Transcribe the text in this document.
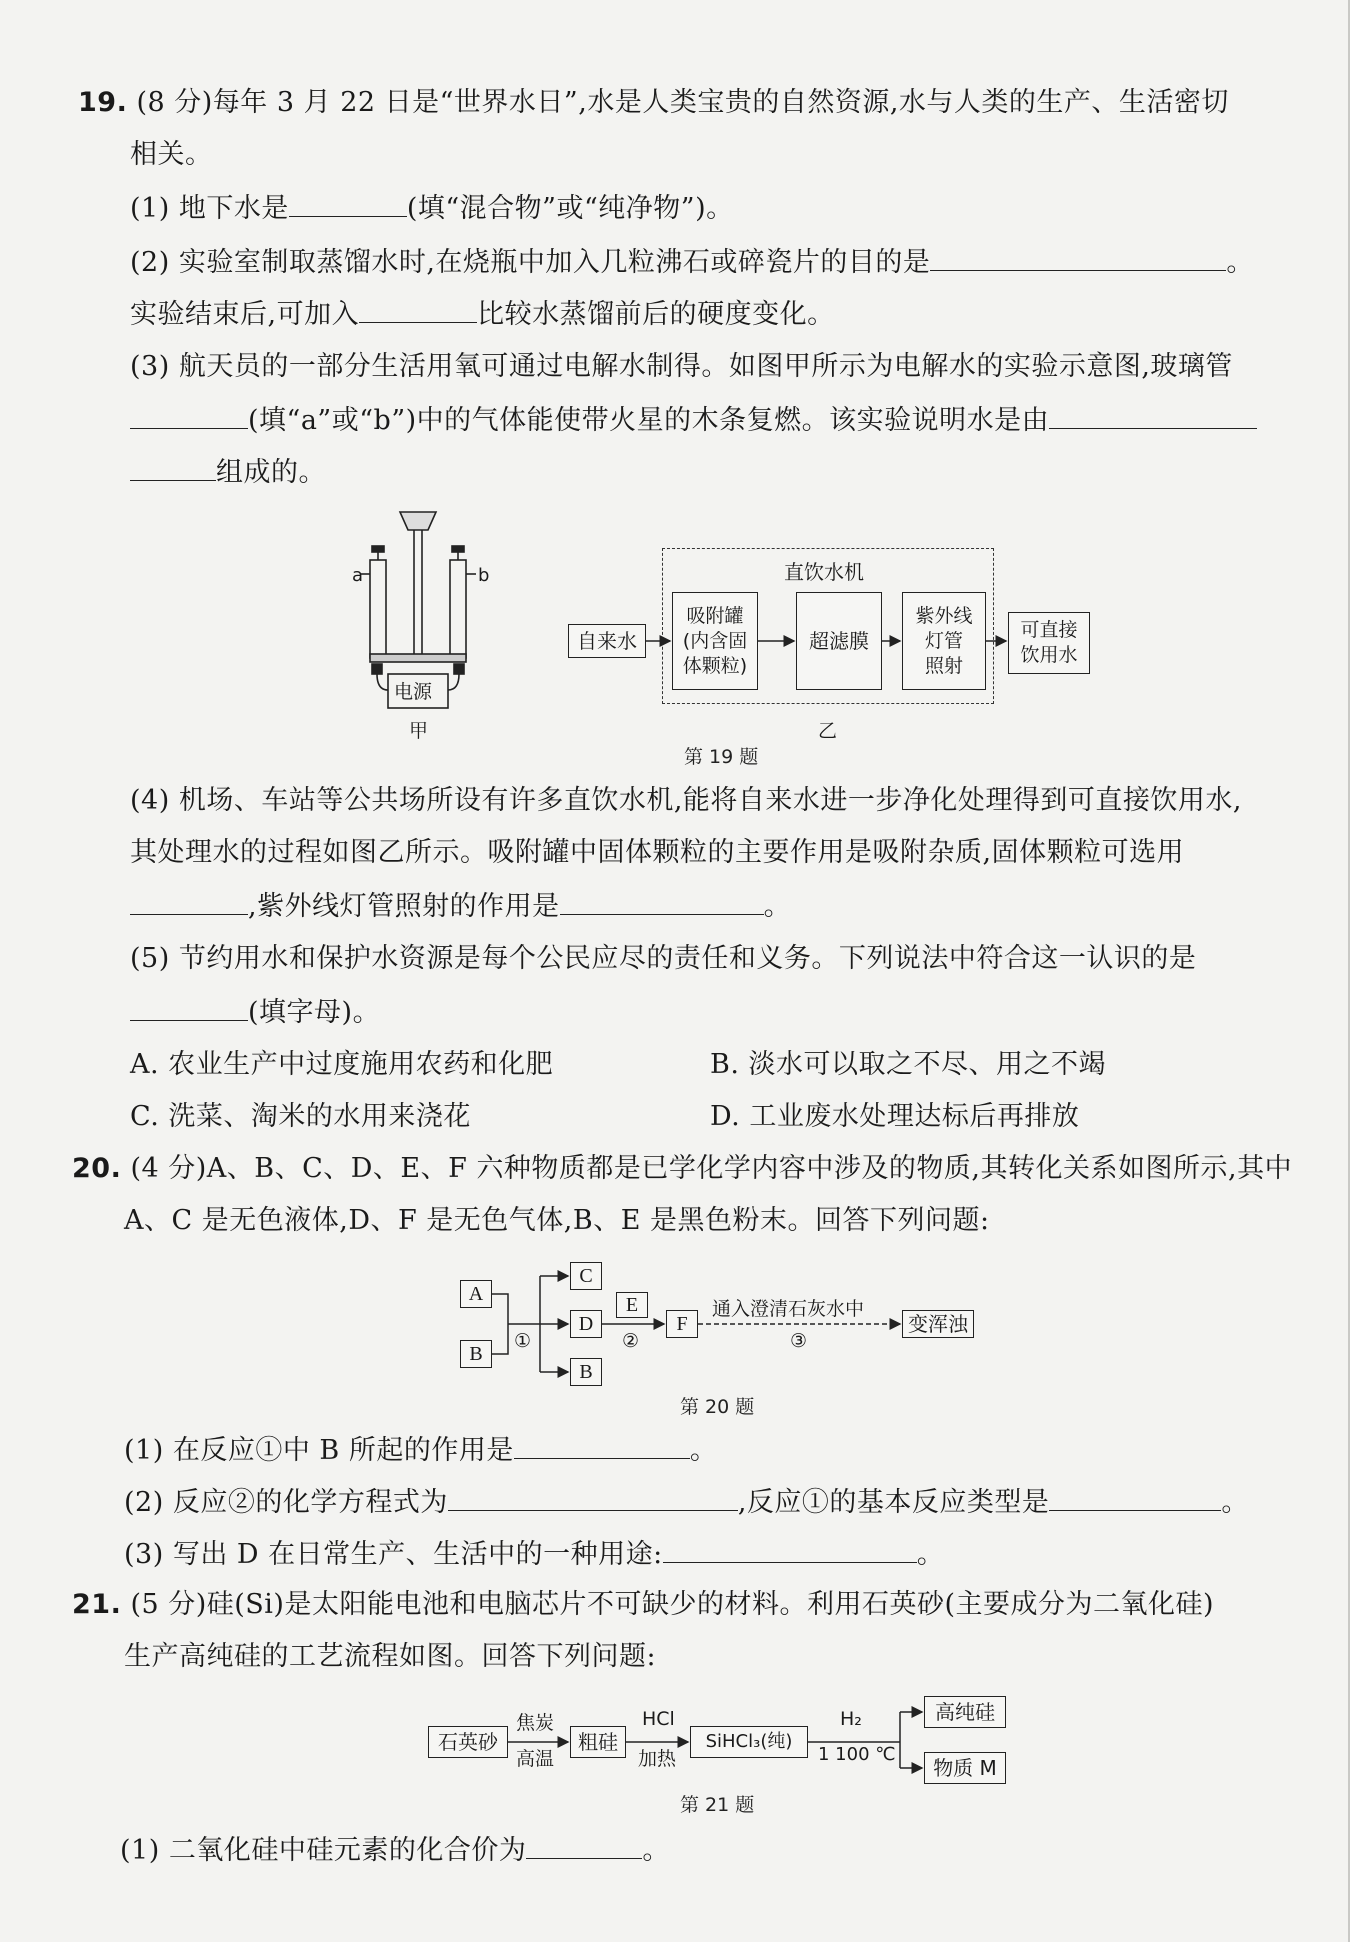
19. (8 分)每年 3 月 22 日是“世界水日”,水是人类宝贵的自然资源,水与人类的生产、生活密切
相关。
(1) 地下水是	(填“混合物”或“纯净物”)。
(2) 实验室制取蒸馏水时,在烧瓶中加入几粒沸石或碎瓷片的目的是	。
实验结束后,可加入	比较水蒸馏前后的硬度变化。
(3) 航天员的一部分生活用氧可通过电解水制得。如图甲所示为电解水的实验示意图,玻璃管
(填“a”或“b”)中的气体能使带火星的木条复燃。该实验说明水是由
组成的。
a	b
电源
甲
直饮水机
自来水
吸附罐
(内含固
体颗粒)
超滤膜
紫外线
灯管
照射
可直接
饮用水
乙
第 19 题
(4) 机场、车站等公共场所设有许多直饮水机,能将自来水进一步净化处理得到可直接饮用水,
其处理水的过程如图乙所示。吸附罐中固体颗粒的主要作用是吸附杂质,固体颗粒可选用
,紫外线灯管照射的作用是	。
(5) 节约用水和保护水资源是每个公民应尽的责任和义务。下列说法中符合这一认识的是
(填字母)。
A. 农业生产中过度施用农药和化肥	B. 淡水可以取之不尽、用之不竭
C. 洗菜、淘米的水用来浇花	D. 工业废水处理达标后再排放
20. (4 分)A、B、C、D、E、F 六种物质都是已学化学内容中涉及的物质,其转化关系如图所示,其中
A、C 是无色液体,D、F 是无色气体,B、E 是黑色粉末。回答下列问题:
A
B
C
D
B
E
F	变浑浊
①	②	③
通入澄清石灰水中
第 20 题
(1) 在反应①中 B 所起的作用是	。
(2) 反应②的化学方程式为	,反应①的基本反应类型是	。
(3) 写出 D 在日常生产、生活中的一种用途:	。
21. (5 分)硅(Si)是太阳能电池和电脑芯片不可缺少的材料。利用石英砂(主要成分为二氧化硅)
生产高纯硅的工艺流程如图。回答下列问题:
石英砂
焦炭
高温
粗硅
HCl
加热
SiHCl₃(纯)
H₂
1 100 ℃
高纯硅
物质 M
第 21 题
(1) 二氧化硅中硅元素的化合价为	。
